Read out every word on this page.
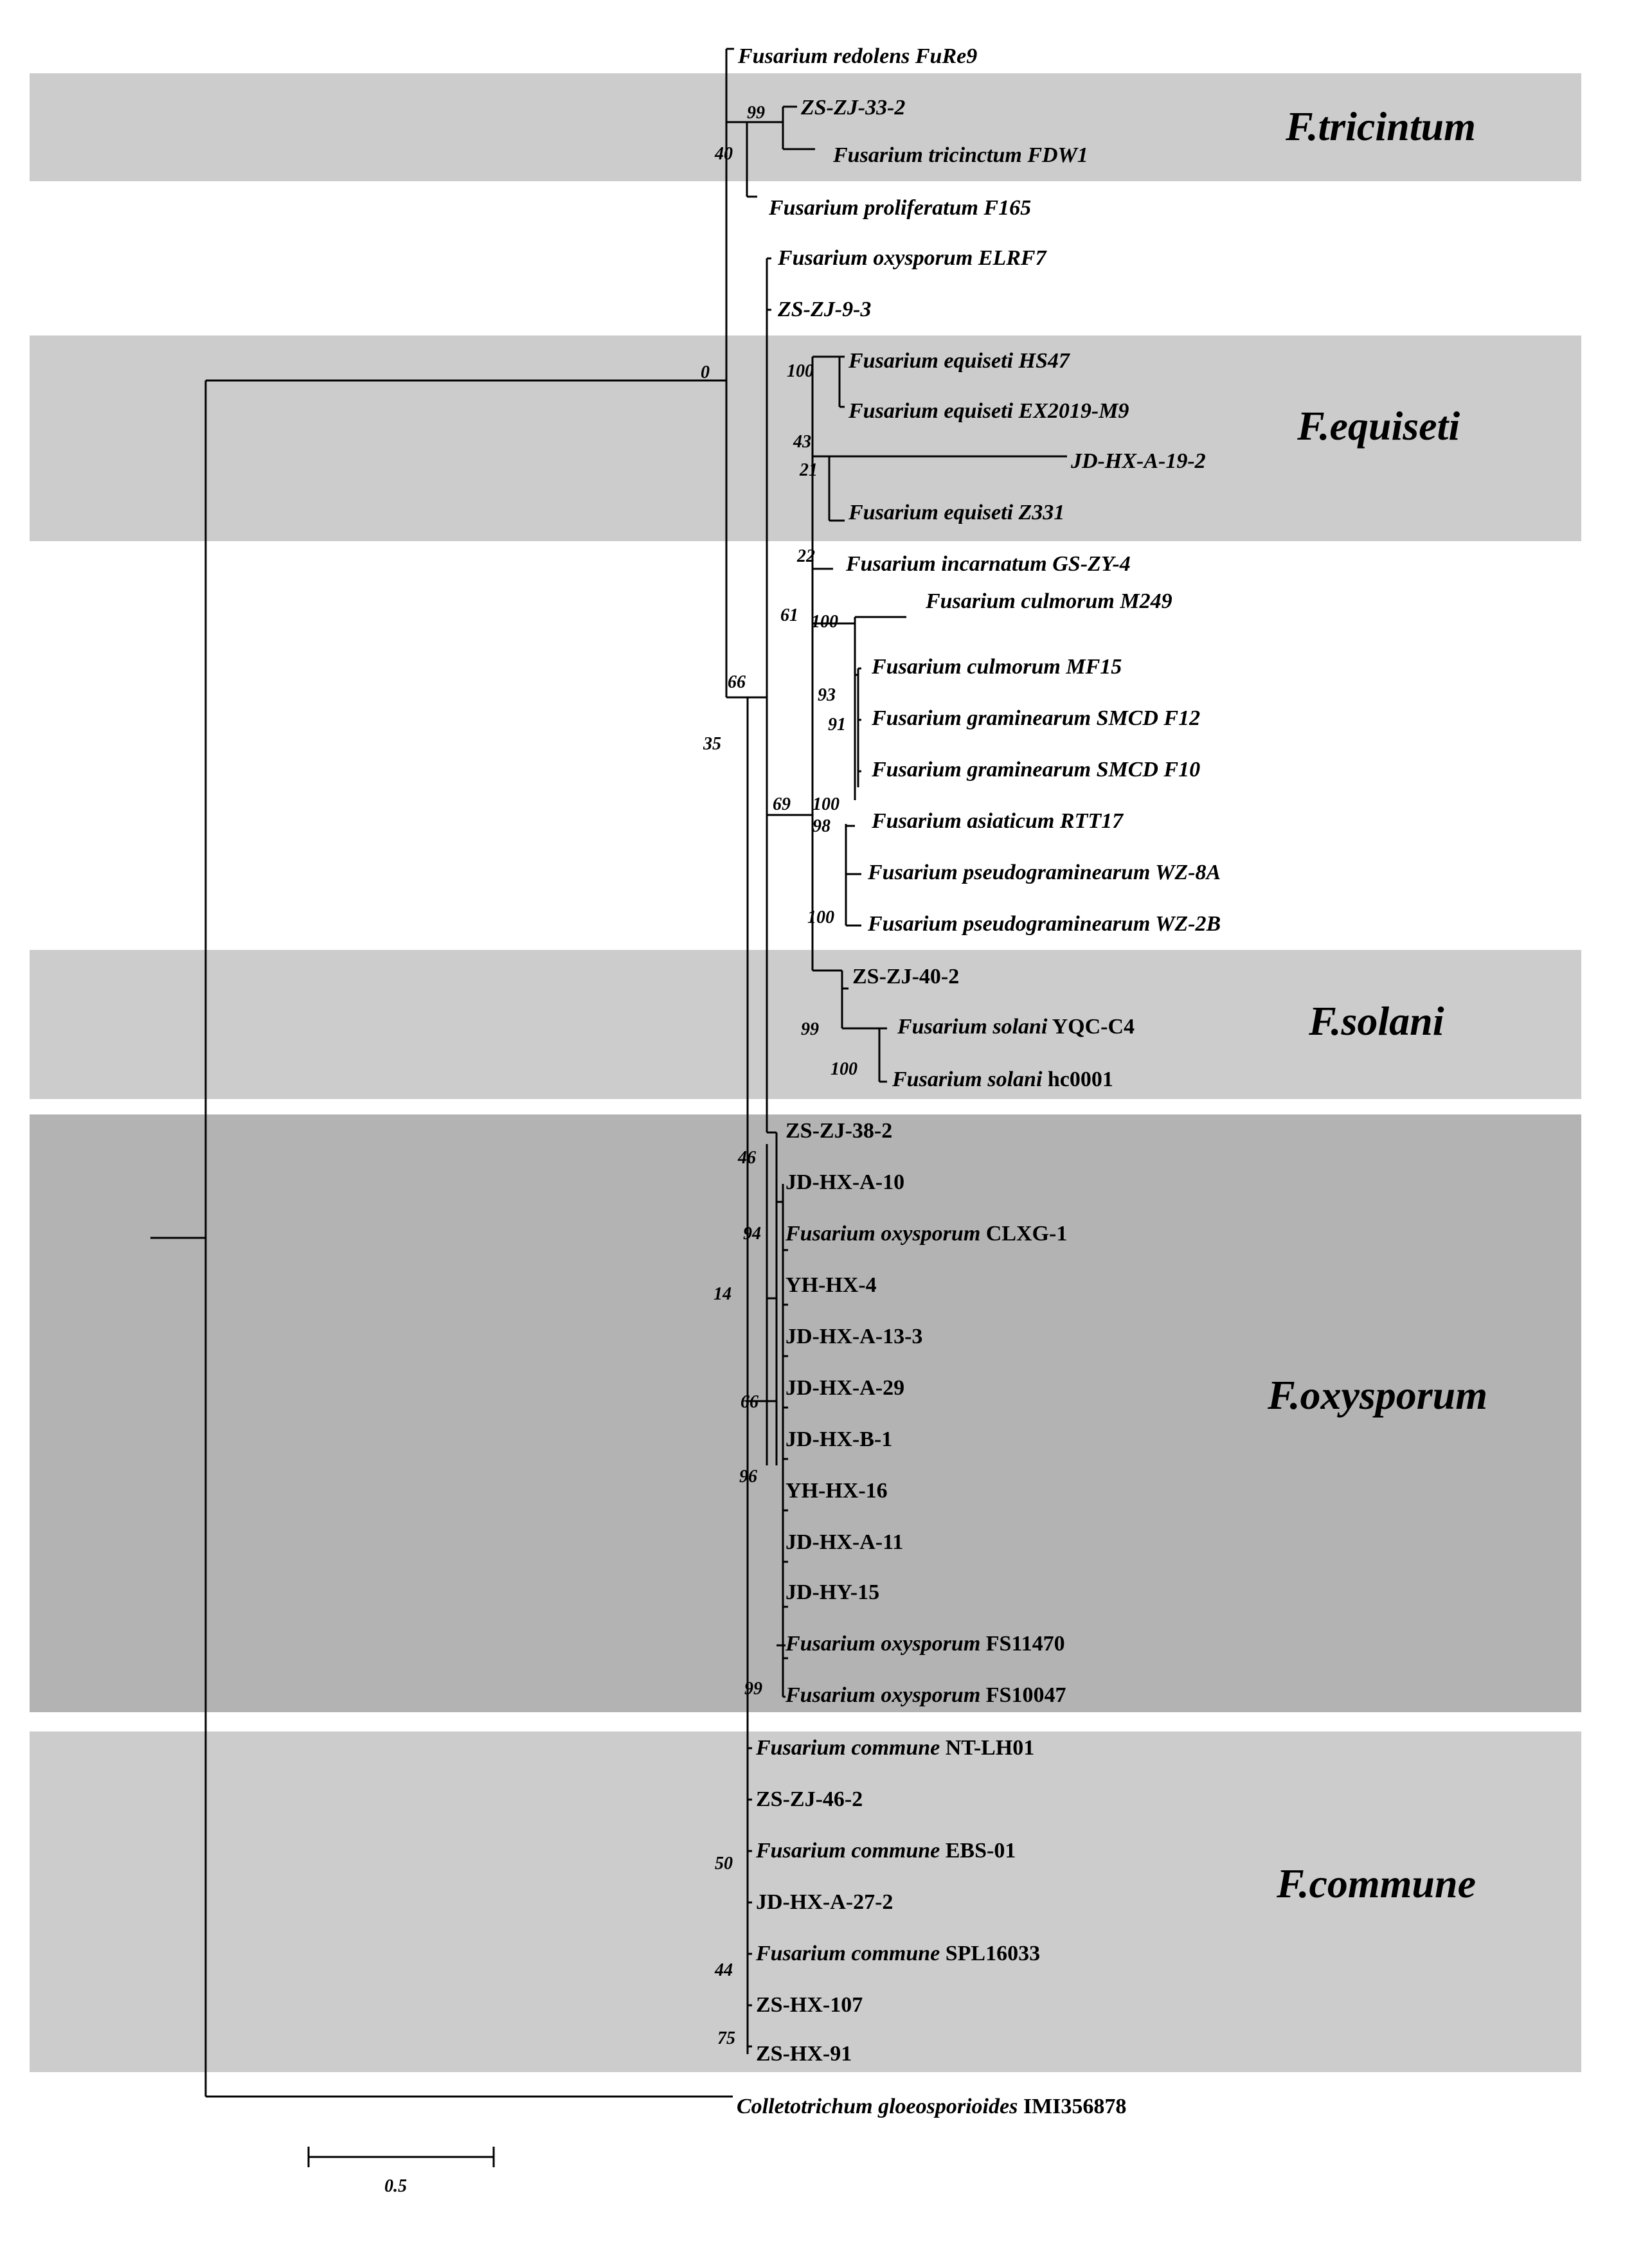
Fusarium redolens FuRe9
ZS-ZJ-33-2
Fusarium tricinctum FDW1
Fusarium proliferatum F165
Fusarium oxysporum ELRF7
ZS-ZJ-9-3
Fusarium equiseti HS47
Fusarium equiseti EX2019-M9
JD-HX-A-19-2
Fusarium equiseti Z331
Fusarium incarnatum GS-ZY-4
Fusarium culmorum M249
Fusarium culmorum MF15
Fusarium graminearum SMCD F12
Fusarium graminearum SMCD F10
Fusarium asiaticum RTT17
Fusarium pseudograminearum WZ-8A
Fusarium pseudograminearum WZ-2B
ZS-ZJ-40-2
Fusarium solani YQC-C4
Fusarium solani hc0001
ZS-ZJ-38-2
JD-HX-A-10
Fusarium oxysporum CLXG-1
YH-HX-4
JD-HX-A-13-3
JD-HX-A-29
JD-HX-B-1
YH-HX-16
JD-HX-A-11
JD-HY-15
Fusarium oxysporum FS11470
Fusarium oxysporum FS10047
Fusarium commune NT-LH01
ZS-ZJ-46-2
Fusarium commune EBS-01
JD-HX-A-27-2
Fusarium commune SPL16033
ZS-HX-107
ZS-HX-91
Colletotrichum gloeosporioides IMI356878
99
40
0	100
43
21
22
61 100
66
35
93
91
69 100
98
100
99
100
46
94
14
66
96
99
50
44
75
F.tricintum
F.equiseti
F.solani
F.oxysporum
F.commune
0.5
